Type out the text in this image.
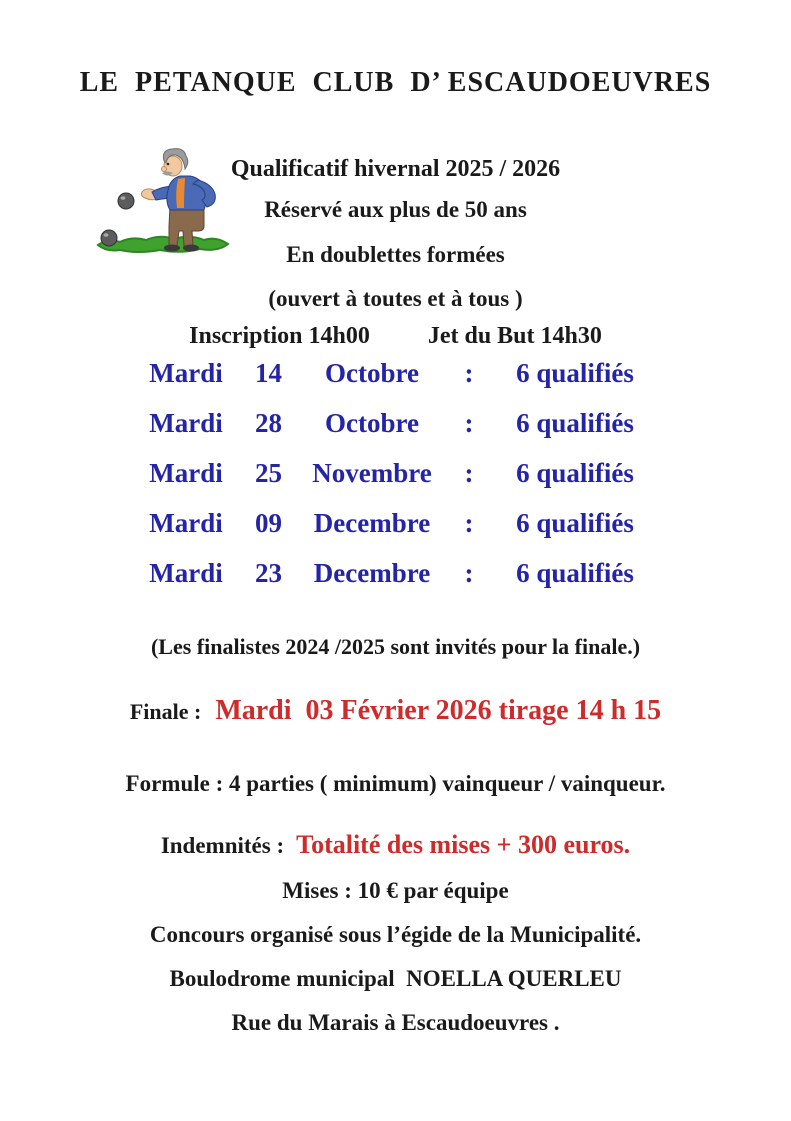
LE  PETANQUE  CLUB  D’ ESCAUDOEUVRES
Qualificatif hivernal 2025 / 2026
Réservé aux plus de 50 ans
En doublettes formées
(ouvert à toutes et à tous )
Inscription 14h00 Jet du But 14h30
Mardi	14	Octobre	:	6 qualifiés
Mardi	28	Octobre	:	6 qualifiés
Mardi	25	Novembre	:	6 qualifiés
Mardi	09	Decembre	:	6 qualifiés
Mardi	23	Decembre	:	6 qualifiés
(Les finalistes 2024 /2025 sont invités pour la finale.)
Finale : Mardi  03 Février 2026 tirage 14 h 15
Formule : 4 parties ( minimum) vainqueur / vainqueur.
Indemnités : Totalité des mises + 300 euros.
Mises : 10 € par équipe
Concours organisé sous l’égide de la Municipalité.
Boulodrome municipal  NOELLA QUERLEU
Rue du Marais à Escaudoeuvres .
